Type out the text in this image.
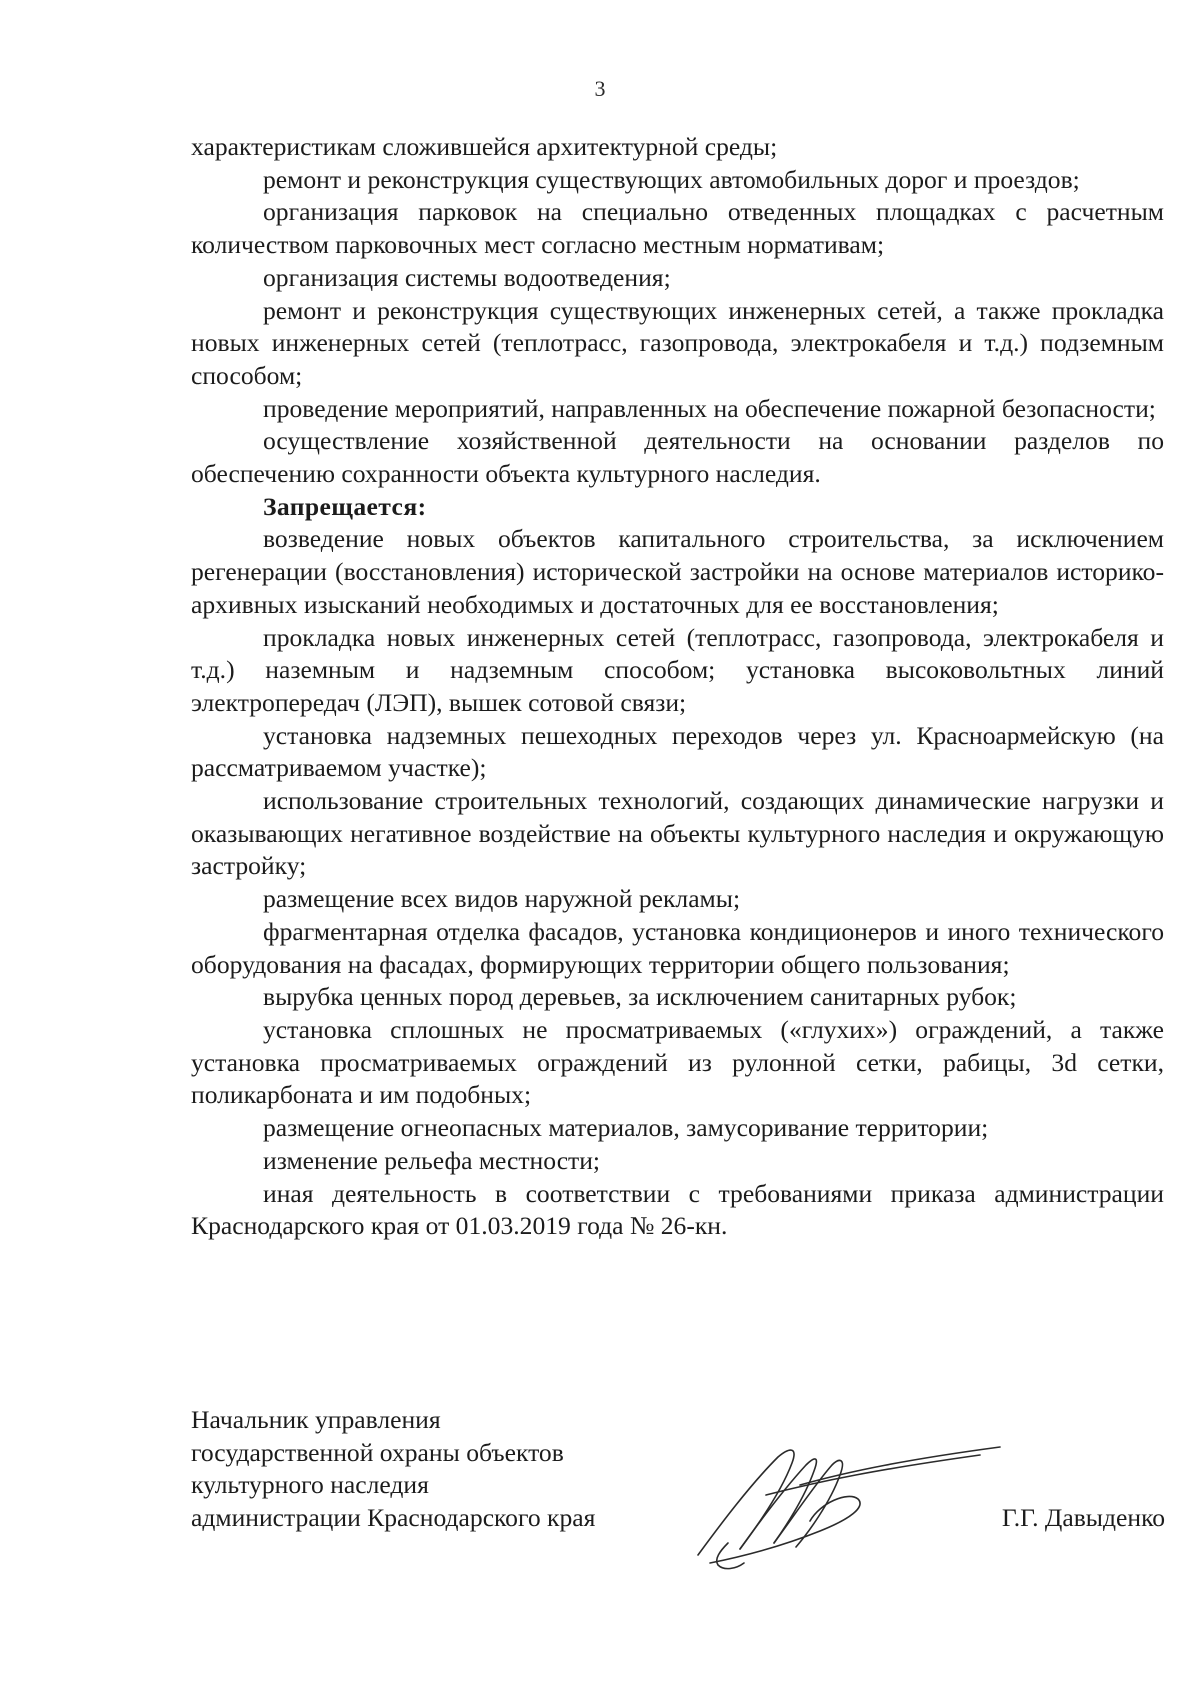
3

характеристикам сложившейся архитектурной среды;

ремонт и реконструкция существующих автомобильных дорог и проездов;

организация парковок на специально отведенных площадках с расчетным количеством парковочных мест согласно местным нормативам;

организация системы водоотведения;

ремонт и реконструкция существующих инженерных сетей, а также прокладка новых инженерных сетей (теплотрасс, газопровода, электрокабеля и т.д.) подземным способом;

проведение мероприятий, направленных на обеспечение пожарной безопасности;

осуществление хозяйственной деятельности на основании разделов по обеспечению сохранности объекта культурного наследия.

Запрещается:

возведение новых объектов капитального строительства, за исключением регенерации (восстановления) исторической застройки на основе материалов историко-архивных изысканий необходимых и достаточных для ее восстановления;

прокладка новых инженерных сетей (теплотрасс, газопровода, электрокабеля и т.д.) наземным и надземным способом; установка высоковольтных линий электропередач (ЛЭП), вышек сотовой связи;

установка надземных пешеходных переходов через ул. Красноармейскую (на рассматриваемом участке);

использование строительных технологий, создающих динамические нагрузки и оказывающих негативное воздействие на объекты культурного наследия и окружающую застройку;

размещение всех видов наружной рекламы;

фрагментарная отделка фасадов, установка кондиционеров и иного технического оборудования на фасадах, формирующих территории общего пользования;

вырубка ценных пород деревьев, за исключением санитарных рубок;

установка сплошных не просматриваемых («глухих») ограждений, а также установка просматриваемых ограждений из рулонной сетки, рабицы, 3d сетки, поликарбоната и им подобных;

размещение огнеопасных материалов, замусоривание территории;

изменение рельефа местности;

иная деятельность в соответствии с требованиями приказа администрации Краснодарского края от 01.03.2019 года № 26-кн.

Начальник управления
государственной охраны объектов
культурного наследия
администрации Краснодарского края	Г.Г. Давыденко
